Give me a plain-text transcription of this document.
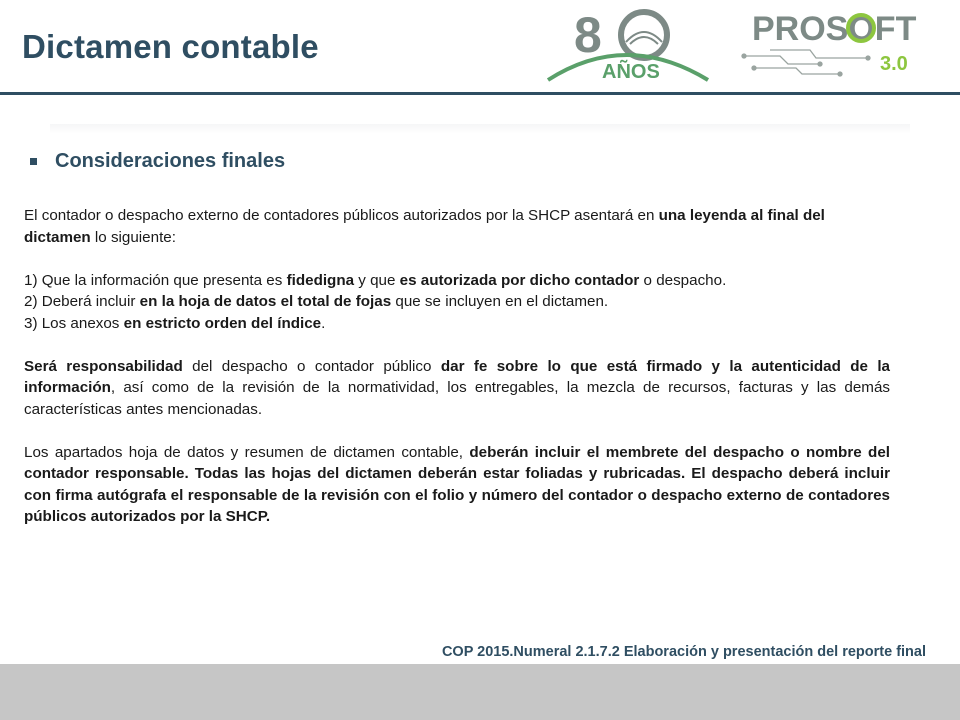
Dictamen contable	8
AÑOS
PROSOFT
3.0
Consideraciones finales

El contador o despacho externo de contadores públicos autorizados por la SHCP asentará en una leyenda al final del dictamen lo siguiente:

1) Que la información que presenta es fidedigna y que es autorizada por dicho contador o despacho.

2) Deberá incluir en la hoja de datos el total de fojas que se incluyen en el dictamen.

3) Los anexos en estricto orden del índice.

Será responsabilidad del despacho o contador público dar fe sobre lo que está firmado y la autenticidad de la información, así como de la revisión de la normatividad, los entregables, la mezcla de recursos, facturas y las demás características antes mencionadas.

Los apartados hoja de datos y resumen de dictamen contable, deberán incluir el membrete del despacho o nombre del contador responsable. Todas las hojas del dictamen deberán estar foliadas y rubricadas. El despacho deberá incluir con firma autógrafa el responsable de la revisión con el folio y número del contador o despacho externo de contadores públicos autorizados por la SHCP.

COP 2015.Numeral 2.1.7.2 Elaboración y presentación del reporte final
